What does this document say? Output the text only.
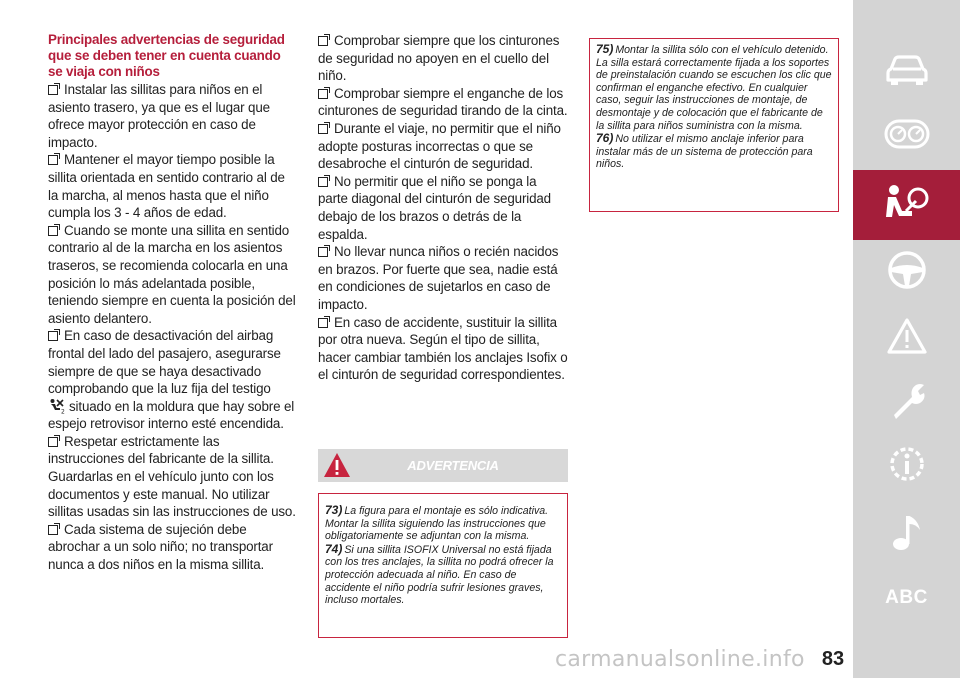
Principales advertencias de seguridad que se deben tener en cuenta cuando se viaja con niños

Instalar las sillitas para niños en el asiento trasero, ya que es el lugar que ofrece mayor protección en caso de impacto.

Mantener el mayor tiempo posible la sillita orientada en sentido contrario al de la marcha, al menos hasta que el niño cumpla los 3 - 4 años de edad.

Cuando se monte una sillita en sentido contrario al de la marcha en los asientos traseros, se recomienda colocarla en una posición lo más adelantada posible, teniendo siempre en cuenta la posición del asiento delantero.

En caso de desactivación del airbag frontal del lado del pasajero, asegurarse siempre de que se haya desactivado comprobando que la luz fija del testigo

2 situado en la moldura que hay sobre el espejo retrovisor interno esté encendida.

Respetar estrictamente las instrucciones del fabricante de la sillita. Guardarlas en el vehículo junto con los documentos y este manual. No utilizar sillitas usadas sin las instrucciones de uso.

Cada sistema de sujeción debe abrochar a un solo niño; no transportar nunca a dos niños en la misma sillita.

Comprobar siempre que los cinturones de seguridad no apoyen en el cuello del niño.

Comprobar siempre el enganche de los cinturones de seguridad tirando de la cinta.

Durante el viaje, no permitir que el niño adopte posturas incorrectas o que se desabroche el cinturón de seguridad.

No permitir que el niño se ponga la parte diagonal del cinturón de seguridad debajo de los brazos o detrás de la espalda.

No llevar nunca niños o recién nacidos en brazos. Por fuerte que sea, nadie está en condiciones de sujetarlos en caso de impacto.

En caso de accidente, sustituir la sillita por otra nueva. Según el tipo de sillita, hacer cambiar también los anclajes Isofix o el cinturón de seguridad correspondientes.

ADVERTENCIA

73) La figura para el montaje es sólo indicativa. Montar la sillita siguiendo las instrucciones que obligatoriamente se adjuntan con la misma.

74) Si una sillita ISOFIX Universal no está fijada con los tres anclajes, la sillita no podrá ofrecer la protección adecuada al niño. En caso de accidente el niño podría sufrir lesiones graves, incluso mortales.

75) Montar la sillita sólo con el vehículo detenido. La silla estará correctamente fijada a los soportes de preinstalación cuando se escuchen los clic que confirman el enganche efectivo. En cualquier caso, seguir las instrucciones de montaje, de desmontaje y de colocación que el fabricante de la sillita para niños suministra con la misma.

76) No utilizar el mismo anclaje inferior para instalar más de un sistema de protección para niños.

ABC
83
carmanualsonline.info
